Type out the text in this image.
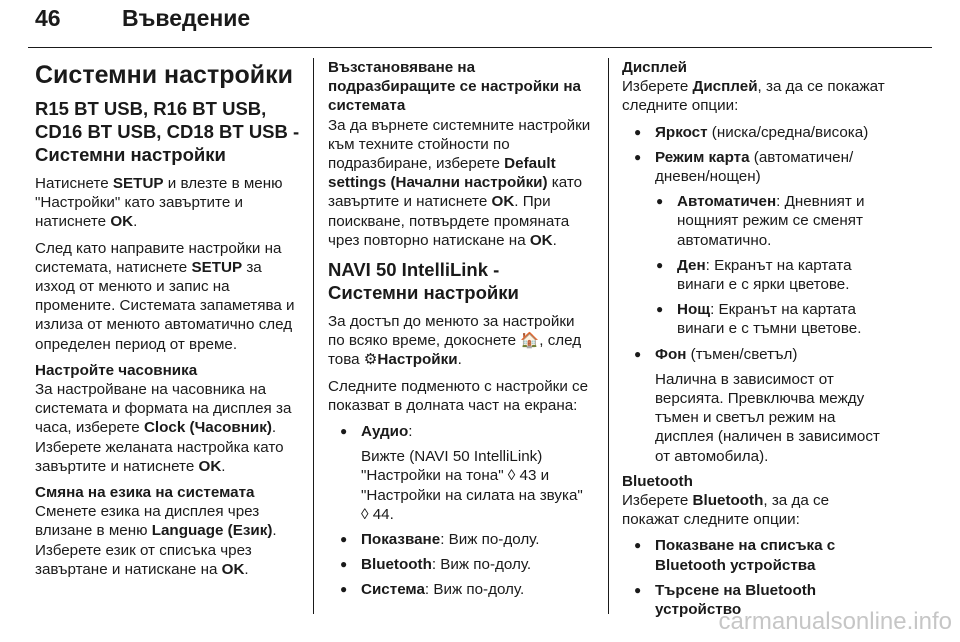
46	Въведение
Системни настройки
R15 BT USB, R16 BT USB, CD16 BT USB, CD18 BT USB - Системни настройки

Натиснете SETUP и влезте в меню "Настройки" като завъртите и натиснете OK.

След като направите настройки на системата, натиснете SETUP за изход от менюто и запис на промените. Системата запаметява и излиза от менюто автоматично след определен период от време.

Настройте часовника
За настройване на часовника на системата и формата на дисплея за часа, изберете Clock (Часовник). Изберете желаната настройка като завъртите и натиснете OK.

Смяна на езика на системата
Сменете езика на дисплея чрез влизане в меню Language (Език). Изберете език от списъка чрез завъртане и натискане на OK.

Възстановяване на подразбиращите се настройки на системата
За да върнете системните настройки към техните стойности по подразбиране, изберете Default settings (Начални настройки) като завъртите и натиснете OK. При поискване, потвърдете промяната чрез повторно натискане на OK.

NAVI 50 IntelliLink - Системни настройки

За достъп до менюто за настройки по всяко време, докоснете 🏠, след това ⚙Настройки.

Следните подменюто с настройки се показват в долната част на екрана:

● Аудио:
Вижте (NAVI 50 IntelliLink) "Настройки на тона" ◊ 43 и "Настройки на силата на звука" ◊ 44.
● Показване: Виж по-долу.
● Bluetooth: Виж по-долу.
● Система: Виж по-долу.

Дисплей
Изберете Дисплей, за да се покажат следните опции:

● Яркост (ниска/средна/висока)
● Режим карта (автоматичен/ дневен/нощен)
● Автоматичен: Дневният и нощният режим се сменят автоматично.
● Ден: Екранът на картата винаги е с ярки цветове.
● Нощ: Екранът на картата винаги е с тъмни цветове.
● Фон (тъмен/светъл)
Налична в зависимост от версията. Превключва между тъмен и светъл режим на дисплея (наличен в зависимост от автомобила).

Bluetooth
Изберете Bluetooth, за да се покажат следните опции:

● Показване на списъка с Bluetooth устройства
● Търсене на Bluetooth устройство
carmanualsonline.info
